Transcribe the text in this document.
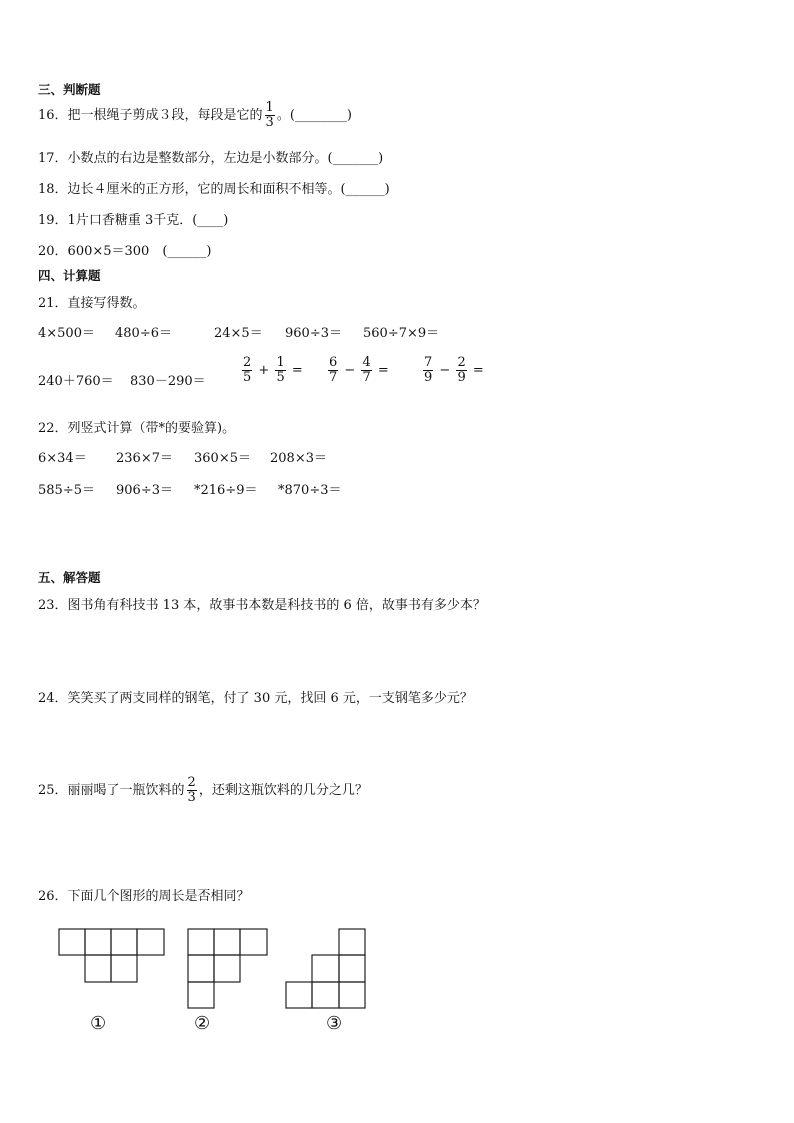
三、判断题
16．把一根绳子剪成３段，每段是它的 $\frac{1}{3}$ 。(________)
17．小数点的右边是整数部分，左边是小数部分。(_______)
18．边长４厘米的正方形，它的周长和面积不相等。(______)
19．1片口香糖重 3千克．(____)
20．600×5＝300　(______)
四、计算题
21．直接写得数。
4×500＝ 480÷6＝	24×5＝ 960÷3＝ 560÷7×9＝
240＋760＝ 830－290＝	$\frac{2}{5} + \frac{1}{5} = \frac{6}{7} - \frac{4}{7}$ =	$\frac{7}{9} - \frac{2}{9}$ =
22．列竖式计算（带*的要验算)。
6×34＝ 236×7＝ 360×5＝ 208×3＝
585÷5＝ 906÷3＝ *216÷9＝ *870÷3＝
五、解答题
23．图书角有科技书 13 本，故事书本数是科技书的 6 倍，故事书有多少本？
24．笑笑买了两支同样的钢笔，付了 30 元，找回 6 元，一支钢笔多少元？
25．丽丽喝了一瓶饮料的 $\frac{2}{3}$ ，还剩这瓶饮料的几分之几？
26．下面几个图形的周长是否相同？
①	②	③
